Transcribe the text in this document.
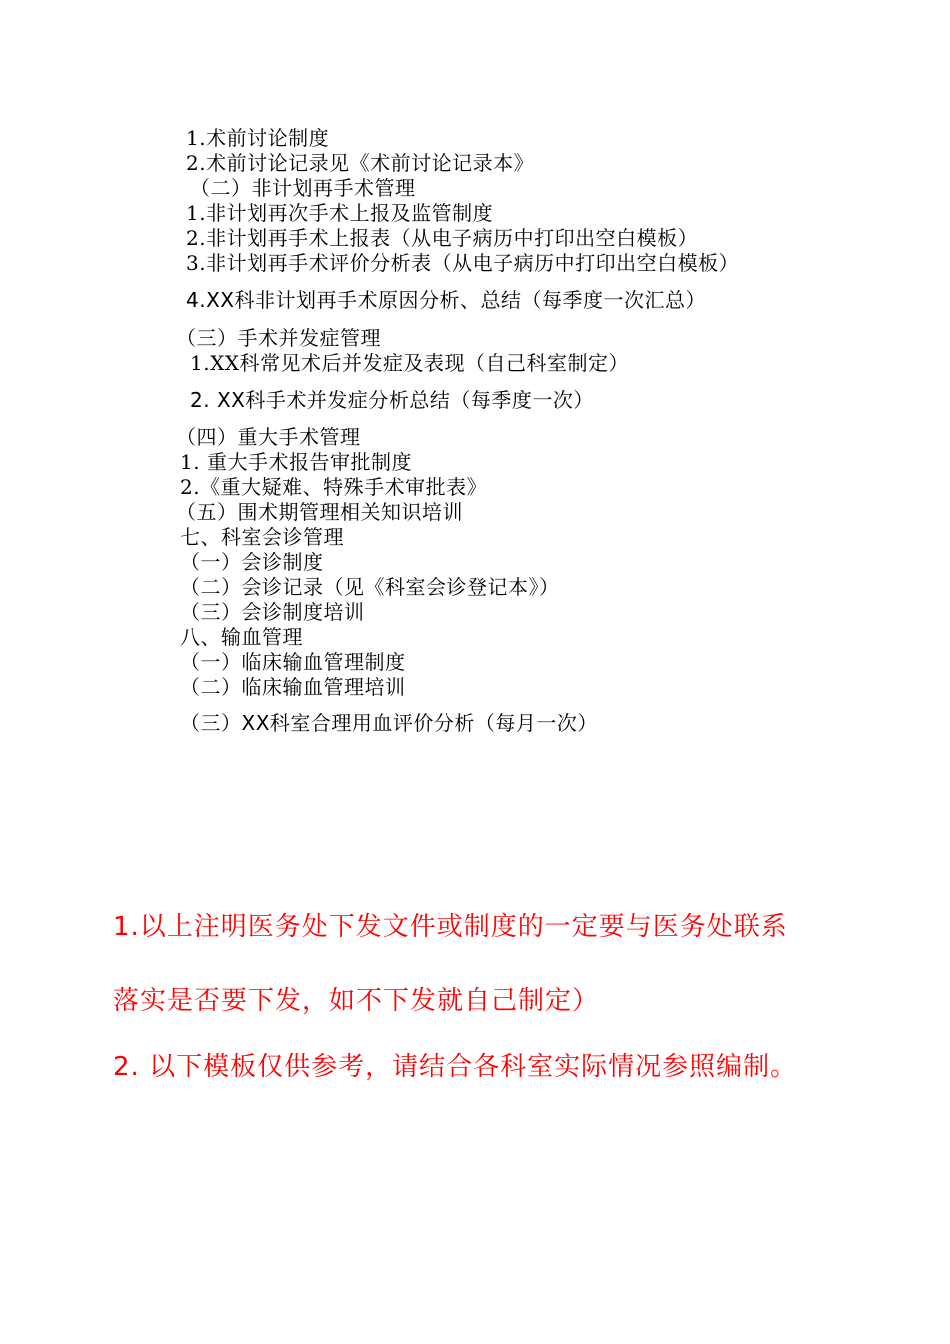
1.术前讨论制度
2.术前讨论记录见《术前讨论记录本》
（二）非计划再手术管理
1.非计划再次手术上报及监管制度
2.非计划再手术上报表（从电子病历中打印出空白模板）
3.非计划再手术评价分析表（从电子病历中打印出空白模板）
4.XX科非计划再手术原因分析、总结（每季度一次汇总）
（三）手术并发症管理
1.XX科常见术后并发症及表现（自己科室制定）
2. XX科手术并发症分析总结（每季度一次）
（四）重大手术管理
1. 重大手术报告审批制度
2.《重大疑难、特殊手术审批表》
（五）围术期管理相关知识培训
七、科室会诊管理
（一）会诊制度
（二）会诊记录（见《科室会诊登记本》）
（三）会诊制度培训
八、输血管理
（一）临床输血管理制度
（二）临床输血管理培训
（三）XX科室合理用血评价分析（每月一次）
1.以上注明医务处下发文件或制度的一定要与医务处联系
落实是否要下发，如不下发就自己制定）
2. 以下模板仅供参考，请结合各科室实际情况参照编制。
